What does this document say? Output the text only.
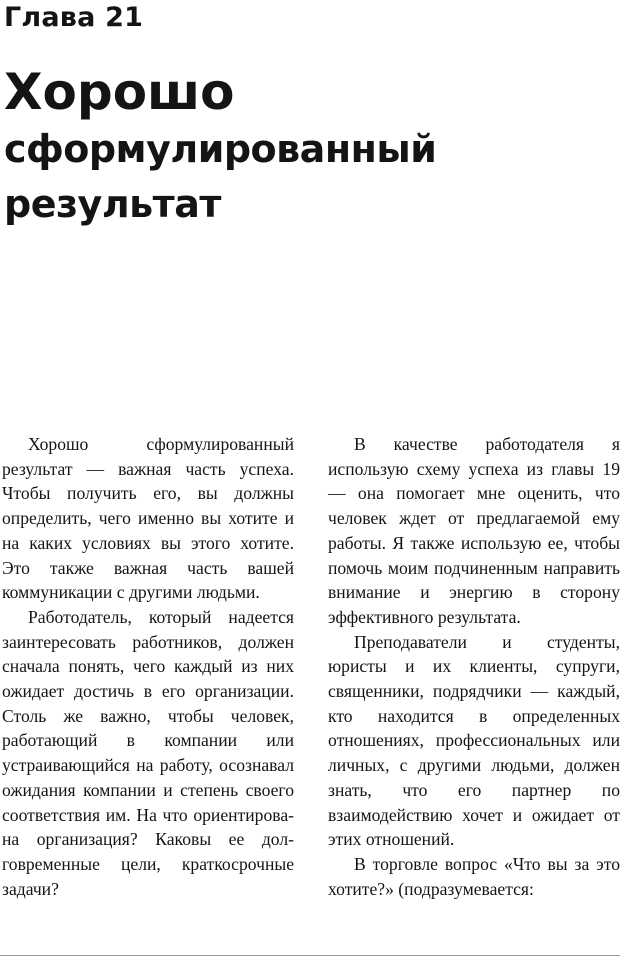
Глава 21
Хорошо
сформулированный
результат

Хорошо сформулированный результат — важная часть успеха. Чтобы получить его, вы должны определить, чего именно вы хотите и на каких условиях вы этого хотите. Это также важная часть вашей коммуникации с другими людьми.

Работодатель, который надеется заинтересовать работников, должен сначала понять, чего каждый из них ожидает достичь в его организации. Столь же важно, чтобы человек, работающий в компании или устраивающийся на работу, осознавал ожидания компании и степень своего соответствия им. На что ориентирована организация? Каковы ее долговременные цели, краткосрочные задачи?

В качестве работодателя я использую схему успеха из главы 19 — она помогает мне оценить, что человек ждет от предлагаемой ему работы. Я также использую ее, чтобы помочь моим подчиненным направить внимание и энергию в сторону эффективного результата.

Преподаватели и студенты, юристы и их клиенты, супруги, священники, подрядчики — каждый, кто находится в определенных отношениях, профессиональных или личных, с другими людьми, должен знать, что его партнер по взаимодействию хочет и ожидает от этих отношений.

В торговле вопрос «Что вы за это хотите?» (подразумевается:
